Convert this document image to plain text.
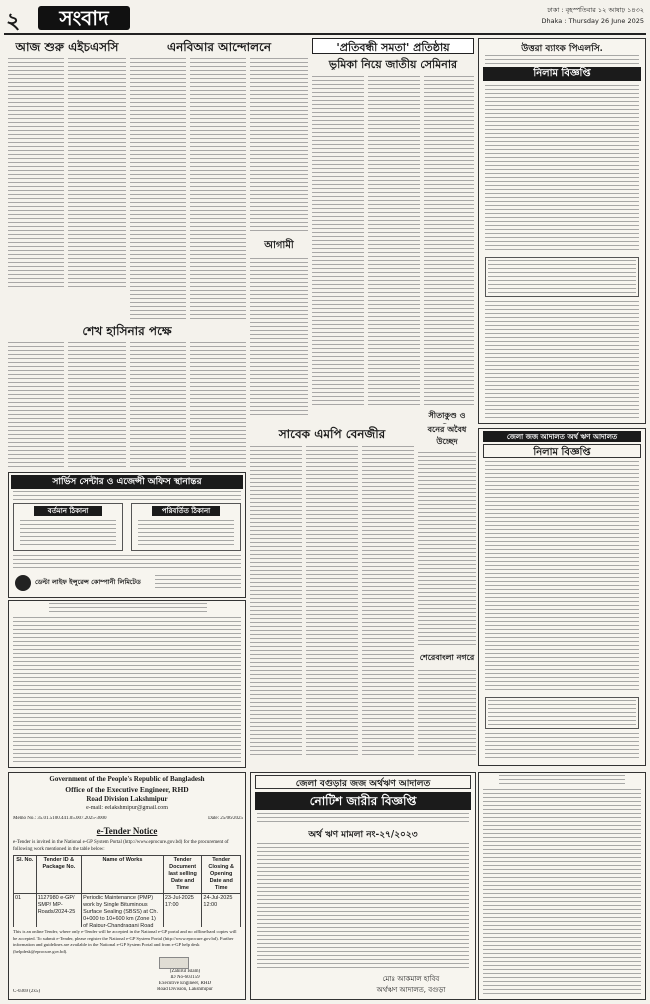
২	সংবাদ	ঢাকা : বৃহস্পতিবার ১২ আষাঢ় ১৪৩২
Dhaka : Thursday 26 June 2025
আজ শুরু এইচএসসি	এনবিআর আন্দোলনে	'প্রতিবন্ধী সমতা' প্রতিষ্ঠায়
ভূমিকা নিয়ে জাতীয় সেমিনার
উত্তরা ব্যাংক পিএলসি.
নিলাম বিজ্ঞপ্তি
শেখ হাসিনার পক্ষে
আগামী
সার্ভিস সেন্টার ও এজেন্সী অফিস স্থানান্তর
বর্তমান ঠিকানা	পরিবর্তিত ঠিকানা
ডেল্টা লাইফ ইন্সুরেন্স কোম্পানী লিমিটেড
সাবেক এমপি বেনজীর
সীতাকুণ্ড ও
বনের অবৈধ
উচ্ছেদ
শেরেবাংলা নগরে
জেলা জজ আদালত অর্থ ঋণ আদালত
নিলাম বিজ্ঞপ্তি
Government of the People's Republic of Bangladesh
Office of the Executive Engineer, RHD
Road Division Lakshmipur
e-mail: eelakshmipur@gmail.com
Memo No.: 35.01.5100.441.05.007.2025-3000	Date: 25/06/2025
e-Tender Notice
e-Tender is invited in the National e-GP System Portal (http://www.eprocure.gov.bd) for the procurement of following work mentioned in the table below:
Sl. No.	Tender ID & Package No.	Name of Works	Tender Document last selling Date and Time	Tender Closing & Opening Date and Time
01	1127980 e-GP/ SMP/ MP-Roads/2024-25	Periodic Maintenance (PMP) work by Single Bituminous Surface Sealing (SBSS) at Ch. 0+000 to 10+600 km (Zone 1) of Raipur-Chandraganj Road	23-Jul-2025 17:00	24-Jul-2025 12:00
This is an online Tender, where only e-Tender will be accepted in the National e-GP portal and no offline/hard copies will be accepted. To submit e-Tender, please register the National e-GP System Portal (http://www.eprocure.gov.bd). Further information and guidelines are available in the National e-GP System Portal and from e-GP help desk (helpdesk@eprocure.gov.bd).
(Zahirul Islam)
ID No-603159
Executive Engineer, RHD
Road Division, Lakshmipur
C-0369 (2x5)
জেলা বগুড়ার জজ অর্থঋণ আদালত
নোটিশ জারীর বিজ্ঞপ্তি
অর্থ ঋণ মামলা নং-২৭/২০২৩
মোঃ আকমাল হাবিব
অর্থঋণ আদালত, বগুড়া
